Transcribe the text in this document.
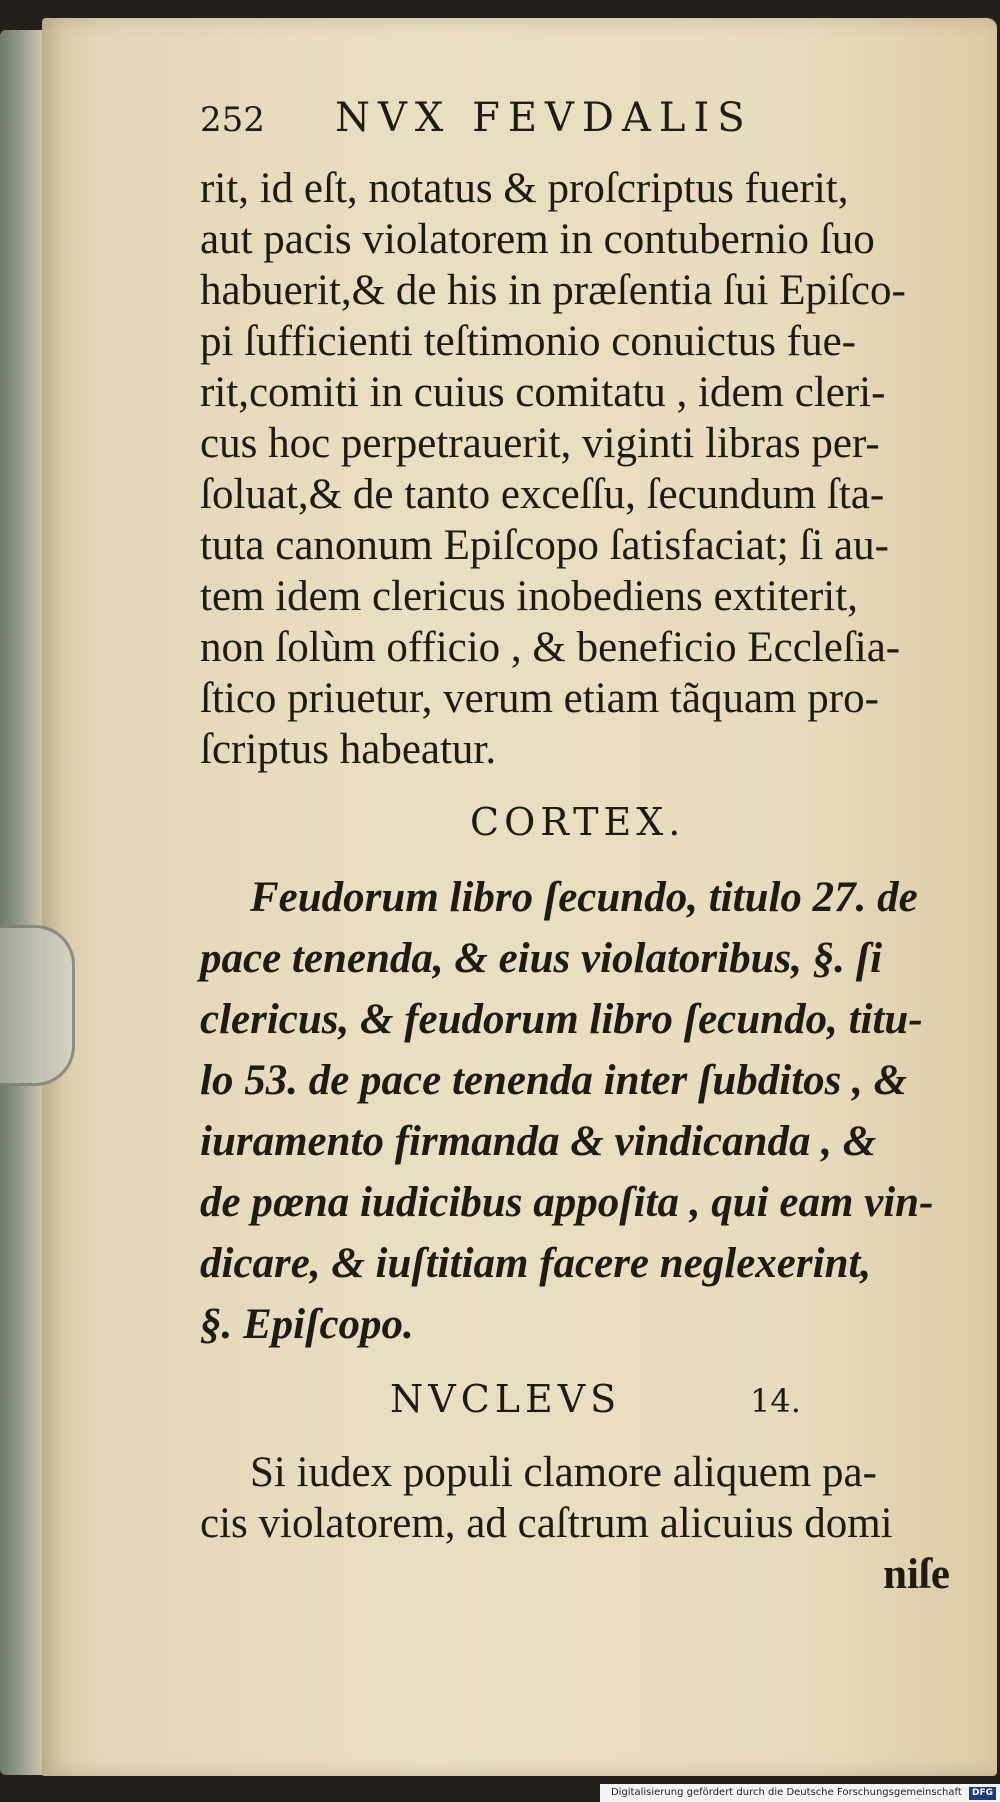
252	NVX FEVDALIS

rit, id eſt, notatus & proſcriptus fuerit,
aut pacis violatorem in contubernio ſuo
habuerit,& de his in præſentia ſui Epiſco-
pi ſufficienti teſtimonio conuictus fue-
rit,comiti in cuius comitatu , idem cleri-
cus hoc perpetrauerit, viginti libras per-
ſoluat,& de tanto exceſſu, ſecundum ſta-
tuta canonum Epiſcopo ſatisfaciat; ſi au-
tem idem clericus inobediens extiterit,
non ſolùm officio , & beneficio Eccleſia-
ſtico priuetur, verum etiam tãquam pro-
ſcriptus habeatur.

CORTEX.

Feudorum libro ſecundo, titulo 27. de
pace tenenda, & eius violatoribus, §. ſi
clericus, & feudorum libro ſecundo, titu-
lo 53. de pace tenenda inter ſubditos , &
iuramento firmanda & vindicanda , &
de pœna iudicibus appoſita , qui eam vin-
dicare, & iuſtitiam facere neglexerint,
§. Epiſcopo.

NVCLEVS	14.

Si iudex populi clamore aliquem pa-
cis violatorem, ad caſtrum alicuius domi
niſe

Digitalisierung gefördert durch die Deutsche Forschungsgemeinschaft DFG
